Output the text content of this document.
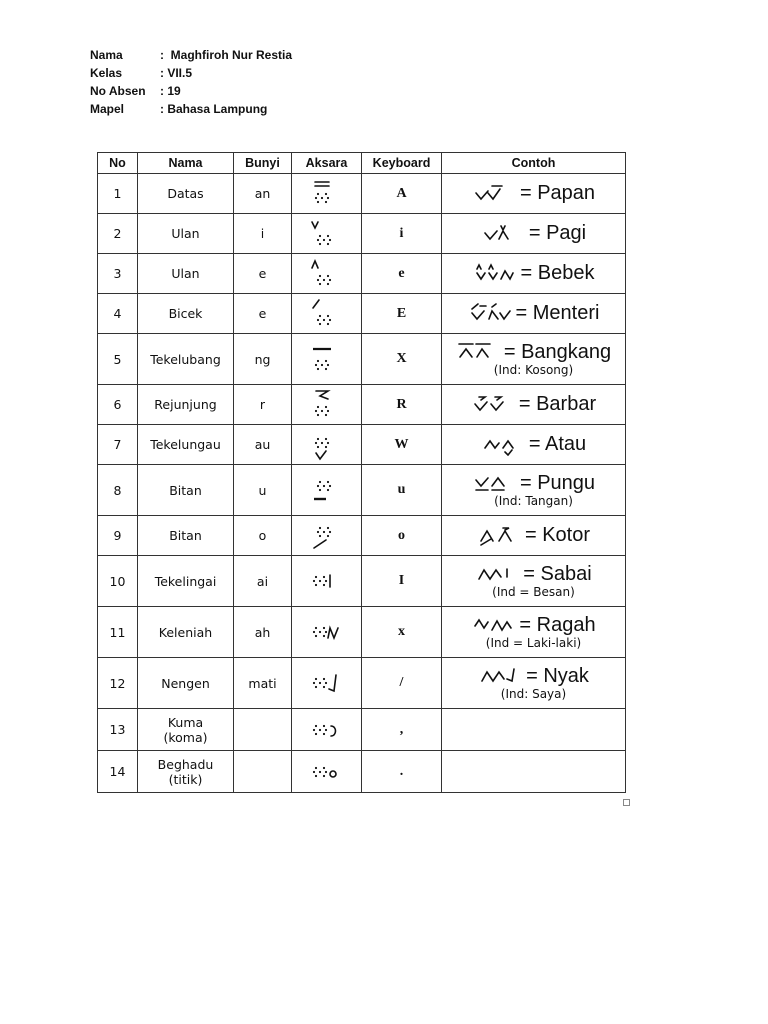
Nama	:  Maghfiroh Nur Restia
Kelas	: VII.5
No Absen	: 19
Mapel	: Bahasa Lampung
No	Nama	Bunyi	Aksara	Keyboard	Contoh
1	Datas	an		A	= Papan

2	Ulan	i		i	= Pagi

3	Ulan	e		e	= Bebek

4	Bicek	e		E	= Menteri

5	Tekelubang	ng		X	= Bangkang
(Ind: Kosong)

6	Rejunjung	r		R	= Barbar

7	Tekelungau	au		W	= Atau

8	Bitan	u		u	= Pungu
(Ind: Tangan)

9	Bitan	o		o	= Kotor

10	Tekelingai	ai		I	= Sabai
(Ind = Besan)

11	Keleniah	ah		x	= Ragah
(Ind = Laki-laki)

12	Nengen	mati		/	= Nyak
(Ind: Saya)

13	Kuma
(koma)			,	
14	Beghadu
(titik)			.	
